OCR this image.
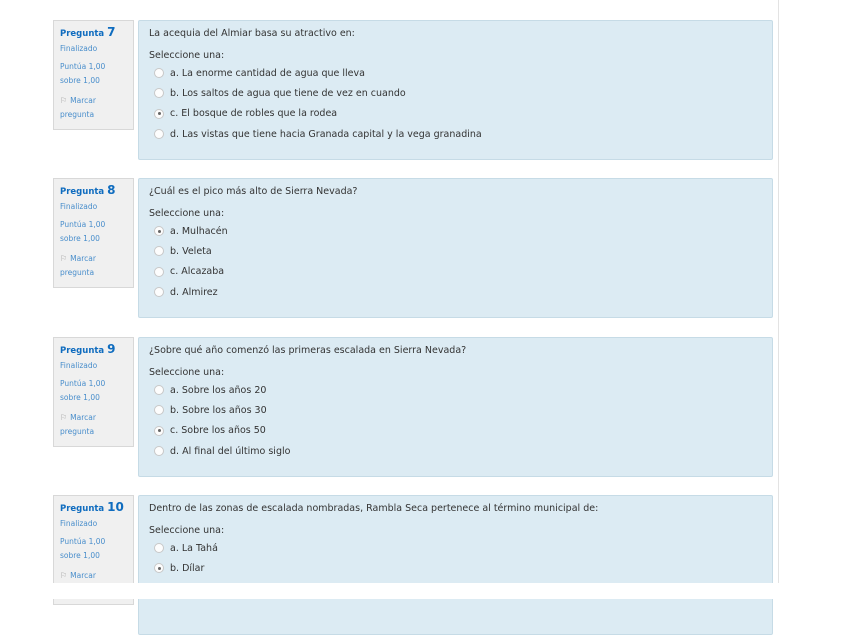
Pregunta 7
Finalizado
Puntúa 1,00
sobre 1,00
⚐ Marcar
pregunta
La acequia del Almiar basa su atractivo en:
Seleccione una:
a. La enorme cantidad de agua que lleva
b. Los saltos de agua que tiene de vez en cuando
c. El bosque de robles que la rodea
d. Las vistas que tiene hacia Granada capital y la vega granadina
Pregunta 8
Finalizado
Puntúa 1,00
sobre 1,00
⚐ Marcar
pregunta
¿Cuál es el pico más alto de Sierra Nevada?
Seleccione una:
a. Mulhacén
b. Veleta
c. Alcazaba
d. Almirez
Pregunta 9
Finalizado
Puntúa 1,00
sobre 1,00
⚐ Marcar
pregunta
¿Sobre qué año comenzó las primeras escalada en Sierra Nevada?
Seleccione una:
a. Sobre los años 20
b. Sobre los años 30
c. Sobre los años 50
d. Al final del último siglo
Pregunta 10
Finalizado
Puntúa 1,00
sobre 1,00
⚐ Marcar
Dentro de las zonas de escalada nombradas, Rambla Seca pertenece al término municipal de:
Seleccione una:
a. La Tahá
b. Dílar
